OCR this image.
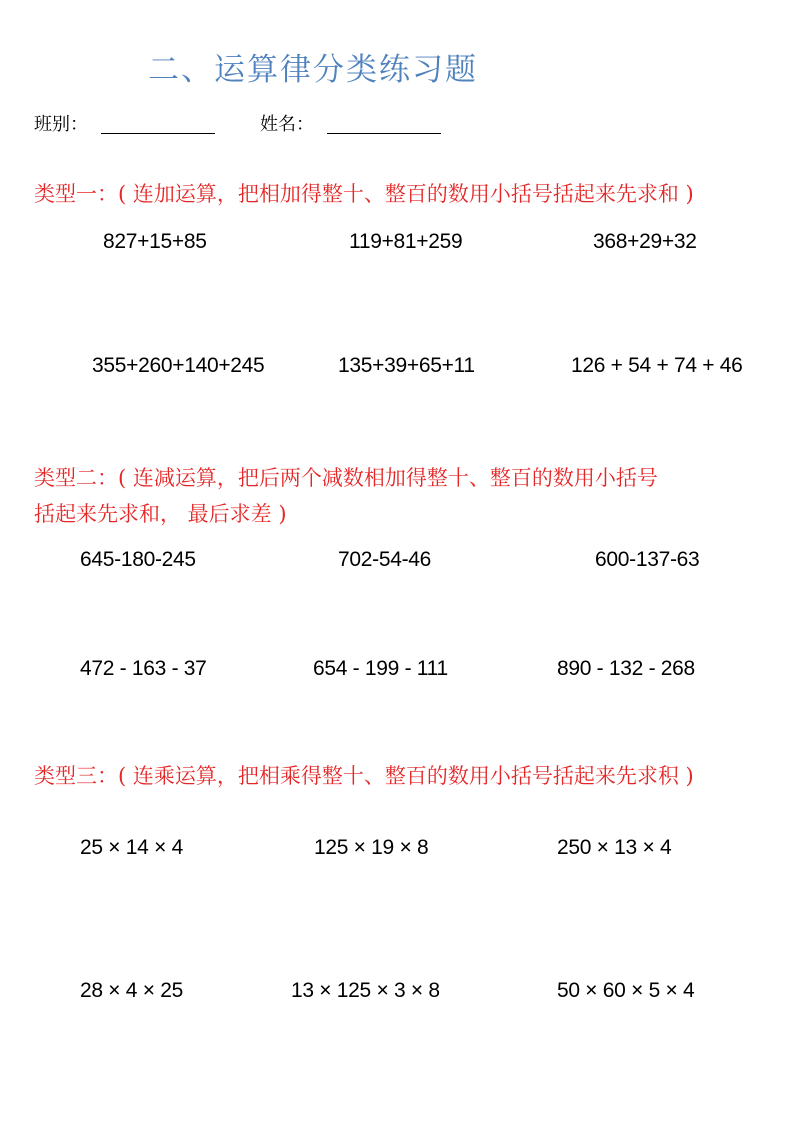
二、运算律分类练习题
班别：	姓名：
类型一：( 连加运算，把相加得整十、整百的数用小括号括起来先求和 )
827+15+85	119+81+259	368+29+32
355+260+140+245	135+39+65+11	126 + 54 + 74 + 46
类型二：( 连减运算，把后两个减数相加得整十、整百的数用小括号
括起来先求和， 最后求差 )
645-180-245	702-54-46	600-137-63
472 - 163 - 37	654 - 199 - 111	890 - 132 - 268
类型三：( 连乘运算，把相乘得整十、整百的数用小括号括起来先求积 )
25 × 14 × 4	125 × 19 × 8	250 × 13 × 4
28 × 4 × 25	13 × 125 × 3 × 8	50 × 60 × 5 × 4
